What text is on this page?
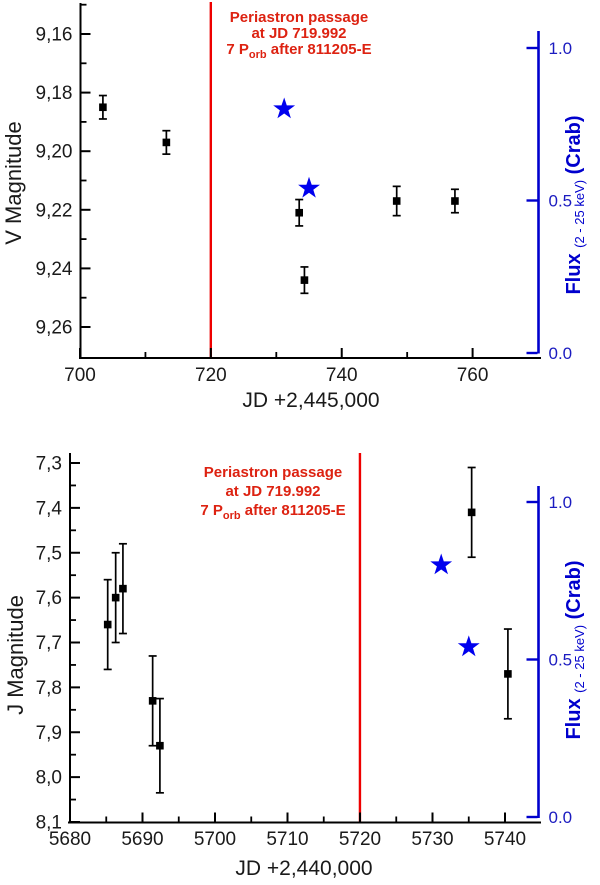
700	720	740	760
9,16
9,18
9,20
9,22
9,24
9,26
0.0
0.5
1.0
Periastron passage
at JD 719.992
7 $P_{orb}$ after 811205-E
JD +2,445,000
V Magnitude
Flux $_{(2 - 25 keV)}$ (Crab)
5680 5690 5700 5710 5720 5730 5740
7,3
7,4
7,5
7,6
7,7
7,8
7,9
8,0
8,1	0.0
0.5
1.0
Periastron passage
at JD 719.992
7 $P_{orb}$ after 811205-E
JD +2,440,000
J Magnitude
Flux $_{(2 - 25 keV)}$ (Crab)
